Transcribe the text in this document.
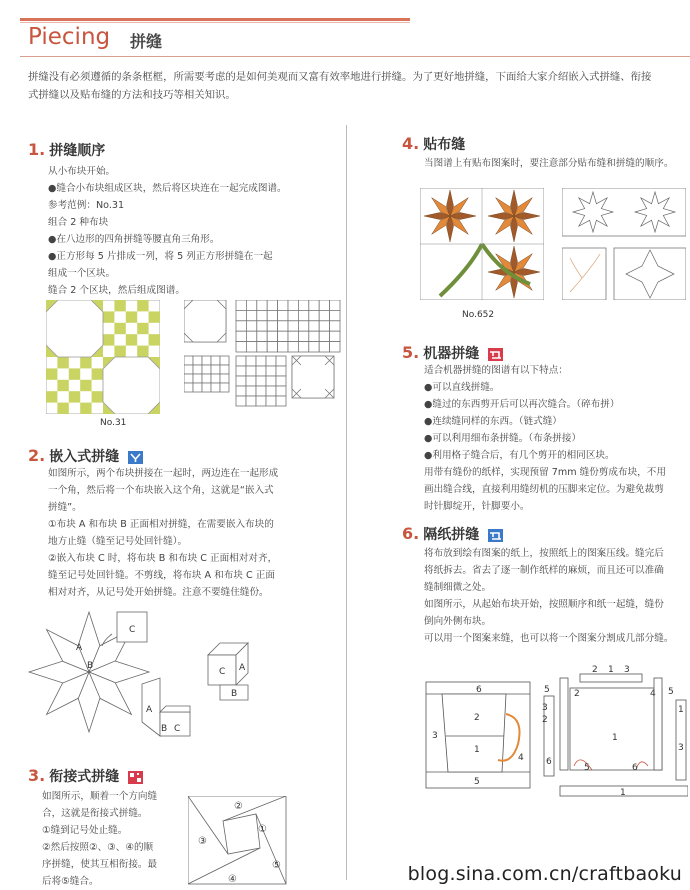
Piecing 拼缝
拼缝没有必须遵循的条条框框，所需要考虑的是如何美观而又富有效率地进行拼缝。为了更好地拼缝，下面给大家介绍嵌入式拼缝、衔接式拼缝以及贴布缝的方法和技巧等相关知识。
1. 拼缝顺序

从小布块开始。

●缝合小布块组成区块，然后将区块连在一起完成图谱。

参考范例：No.31

组合 2 种布块

●在八边形的四角拼缝等腰直角三角形。

●正方形每 5 片排成一列，将 5 列正方形拼缝在一起

组成一个区块。

缝合 2 个区块，然后组成图谱。

No.31
2. 嵌入式拼缝

如图所示，两个布块拼接在一起时，两边连在一起形成

一个角，然后将一个布块嵌入这个角，这就是“嵌入式

拼缝”。

①布块 A 和布块 B 正面相对拼缝，在需要嵌入布块的

地方止缝（缝至记号处回针缝）。

②嵌入布块 C 时，将布块 B 和布块 C 正面相对对齐，

缝至记号处回针缝。不剪线，将布块 A 和布块 C 正面

相对对齐，从记号处开始拼缝。注意不要缝住缝份。

A
B
C
A
B C
C A
B
3. 衔接式拼缝

如图所示，顺着一个方向缝

合，这就是衔接式拼缝。

①缝到记号处止缝。

②然后按照②、③、④的顺

序拼缝，使其互相衔接。最

后将⑤缝合。

②
①
③
④
⑤
4. 贴布缝

当图谱上有贴布图案时，要注意部分贴布缝和拼缝的顺序。

No.652
5. 机器拼缝

适合机器拼缝的图谱有以下特点：

●可以直线拼缝。

●缝过的东西剪开后可以再次缝合。（碎布拼）

●连续缝同样的东西。（链式缝）

●可以利用细布条拼缝。（布条拼接）

●利用格子缝合后，有几个剪开的相同区块。

用带有缝份的纸样，实现预留 7mm 缝份剪成布块，不用

画出缝合线，直接利用缝纫机的压脚来定位。为避免裁剪

时针脚绽开，针脚要小。

6. 隔纸拼缝

将布放到绘有图案的纸上，按照纸上的图案压线。缝完后

将纸拆去。省去了逐一制作纸样的麻烦，而且还可以准确

缝制细微之处。

如图所示，从起始布块开始，按照顺序和纸一起缝，缝份

倒向外侧布块。

可以用一个图案来缝，也可以将一个图案分割成几部分缝。

6
2
3
1
4
5
2 1 3
1
2	4
5
3
2
6
5
1
3
5	6
1
blog.sina.com.cn/craftbaoku
